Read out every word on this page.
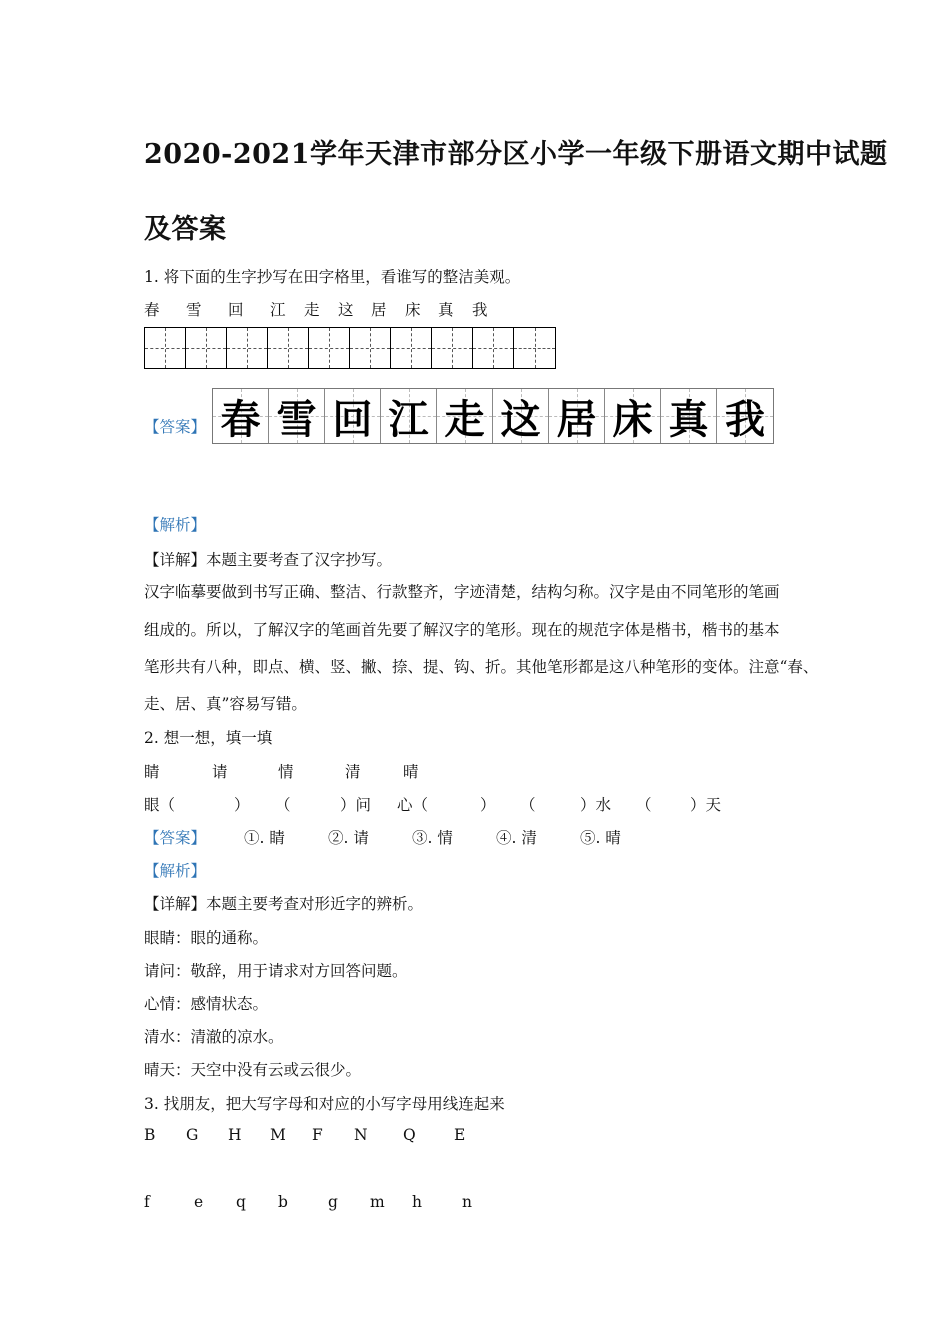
2020-2021学年天津市部分区小学一年级下册语文期中试题
及答案
1. 将下面的生字抄写在田字格里，看谁写的整洁美观。
春 雪 回 江 走 这 居 床 真 我
【答案】 春 雪 回 江 走 这 居 床 真 我
【解析】
【详解】本题主要考查了汉字抄写。
汉字临摹要做到书写正确、整洁、行款整齐，字迹清楚，结构匀称。汉字是由不同笔形的笔画
组成的。所以，了解汉字的笔画首先要了解汉字的笔形。现在的规范字体是楷书，楷书的基本
笔形共有八种，即点、横、竖、撇、捺、提、钩、折。其他笔形都是这八种笔形的变体。注意“春、
走、居、真”容易写错。
2. 想一想，填一填
睛	请	情	清	晴
眼（	） （	）问 心（	） （	）水 （ ）天
【答案】 ①. 睛	②. 请	③. 情	④. 清	⑤. 晴
【解析】
【详解】本题主要考查对形近字的辨析。
眼睛：眼的通称。
请问：敬辞，用于请求对方回答问题。
心情：感情状态。
清水：清澈的凉水。
晴天：天空中没有云或云很少。
3. 找朋友，把大写字母和对应的小写字母用线连起来
B G H M F N Q E
f	e q b	g m h	n
